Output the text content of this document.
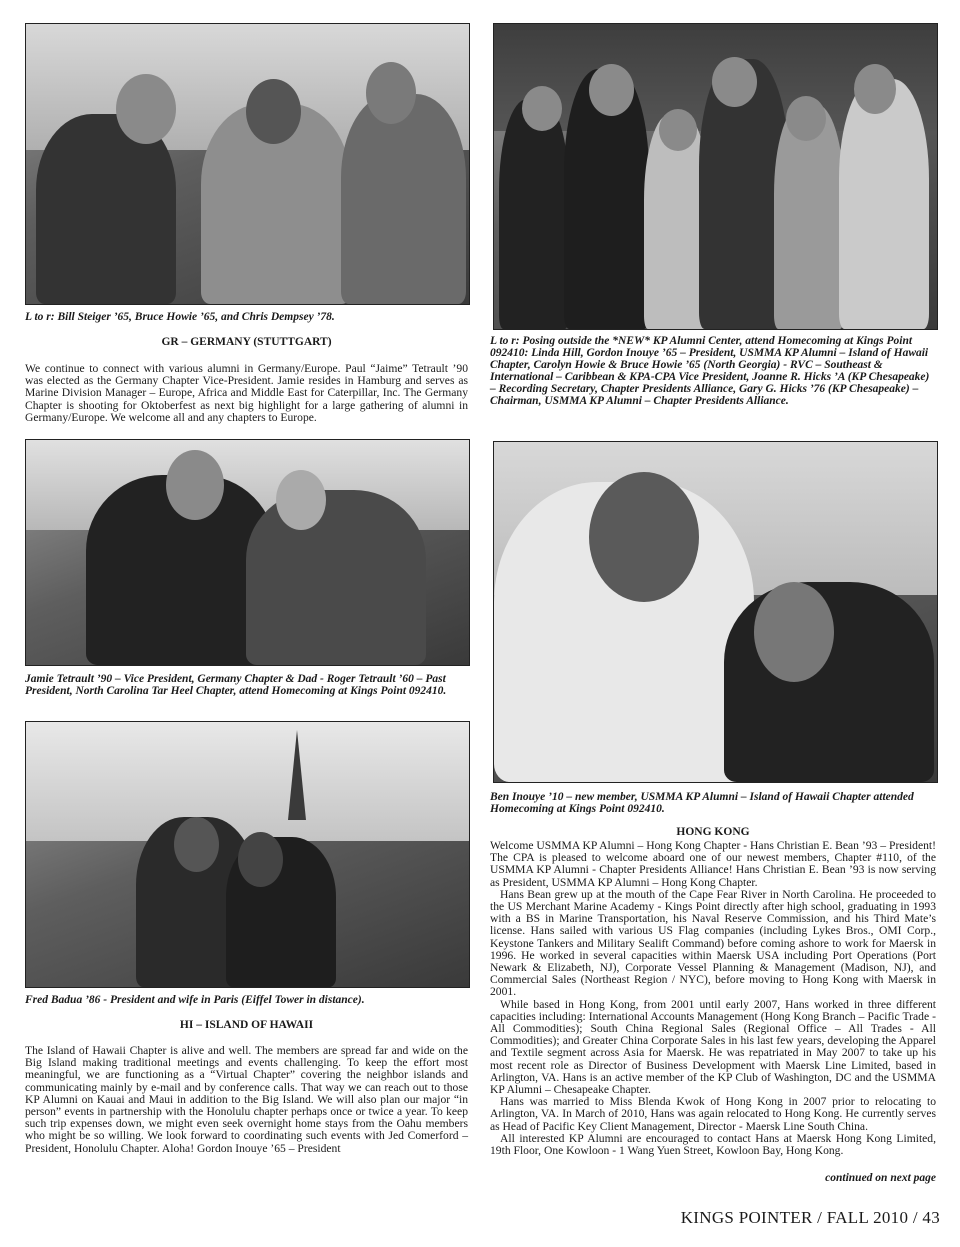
L to r: Bill Steiger ’65, Bruce Howie ’65, and Chris Dempsey ’78.
GR – GERMANY (STUTTGART)

We continue to connect with various alumni in Germany/Europe. Paul “Jaime” Tetrault ’90 was elected as the Germany Chapter Vice-President. Jamie resides in Hamburg and serves as Marine Division Manager – Europe, Africa and Middle East for Caterpillar, Inc. The Germany Chapter is shooting for Oktoberfest as next big highlight for a large gathering of alumni in Germany/Europe. We welcome all and any chapters to Europe.

L to r: Posing outside the *NEW* KP Alumni Center, attend Homecoming at Kings Point 092410: Linda Hill, Gordon Inouye ’65 – President, USMMA KP Alumni – Island of Hawaii Chapter, Carolyn Howie & Bruce Howie ’65 (North Georgia) - RVC – Southeast & International – Caribbean & KPA-CPA Vice President, Joanne R. Hicks ’A (KP Chesapeake) – Recording Secretary, Chapter Presidents Alliance, Gary G. Hicks ’76 (KP Chesapeake) – Chairman, USMMA KP Alumni – Chapter Presidents Alliance.
Jamie Tetrault ’90 – Vice President, Germany Chapter & Dad - Roger Tetrault ’60 – Past President, North Carolina Tar Heel Chapter, attend Homecoming at Kings Point 092410.
Ben Inouye ’10 – new member, USMMA KP Alumni – Island of Hawaii Chapter attended Homecoming at Kings Point 092410.
Fred Badua ’86 - President and wife in Paris (Eiffel Tower in distance).
HI – ISLAND OF HAWAII

The Island of Hawaii Chapter is alive and well. The members are spread far and wide on the Big Island making traditional meetings and events challenging. To keep the effort most meaningful, we are functioning as a “Virtual Chapter” covering the neighbor islands and communicating mainly by e-mail and by conference calls. That way we can reach out to those KP Alumni on Kauai and Maui in addition to the Big Island. We will also plan our major “in person” events in partnership with the Honolulu chapter perhaps once or twice a year. To keep such trip expenses down, we might even seek overnight home stays from the Oahu members who might be so willing. We look forward to coordinating such events with Jed Comerford – President, Honolulu Chapter. Aloha! Gordon Inouye ’65 – President

HONG KONG

Welcome USMMA KP Alumni – Hong Kong Chapter - Hans Christian E. Bean ’93 – President! The CPA is pleased to welcome aboard one of our newest members, Chapter #110, of the USMMA KP Alumni - Chapter Presidents Alliance! Hans Christian E. Bean ’93 is now serving as President, USMMA KP Alumni – Hong Kong Chapter.

Hans Bean grew up at the mouth of the Cape Fear River in North Carolina. He proceeded to the US Merchant Marine Academy - Kings Point directly after high school, graduating in 1993 with a BS in Marine Transportation, his Naval Reserve Commission, and his Third Mate’s license. Hans sailed with various US Flag companies (including Lykes Bros., OMI Corp., Keystone Tankers and Military Sealift Command) before coming ashore to work for Maersk in 1996. He worked in several capacities within Maersk USA including Port Operations (Port Newark & Elizabeth, NJ), Corporate Vessel Planning & Management (Madison, NJ), and Commercial Sales (Northeast Region / NYC), before moving to Hong Kong with Maersk in 2001.

While based in Hong Kong, from 2001 until early 2007, Hans worked in three different capacities including: International Accounts Management (Hong Kong Branch – Pacific Trade - All Commodities); South China Regional Sales (Regional Office – All Trades - All Commodities); and Greater China Corporate Sales in his last few years, developing the Apparel and Textile segment across Asia for Maersk. He was repatriated in May 2007 to take up his most recent role as Director of Business Development with Maersk Line Limited, based in Arlington, VA. Hans is an active member of the KP Club of Washington, DC and the USMMA KP Alumni – Chesapeake Chapter.

Hans was married to Miss Blenda Kwok of Hong Kong in 2007 prior to relocating to Arlington, VA. In March of 2010, Hans was again relocated to Hong Kong. He currently serves as Head of Pacific Key Client Management, Director - Maersk Line South China.

All interested KP Alumni are encouraged to contact Hans at Maersk Hong Kong Limited, 19th Floor, One Kowloon - 1 Wang Yuen Street, Kowloon Bay, Hong Kong.

continued on next page
KINGS POINTER / FALL 2010 / 43
